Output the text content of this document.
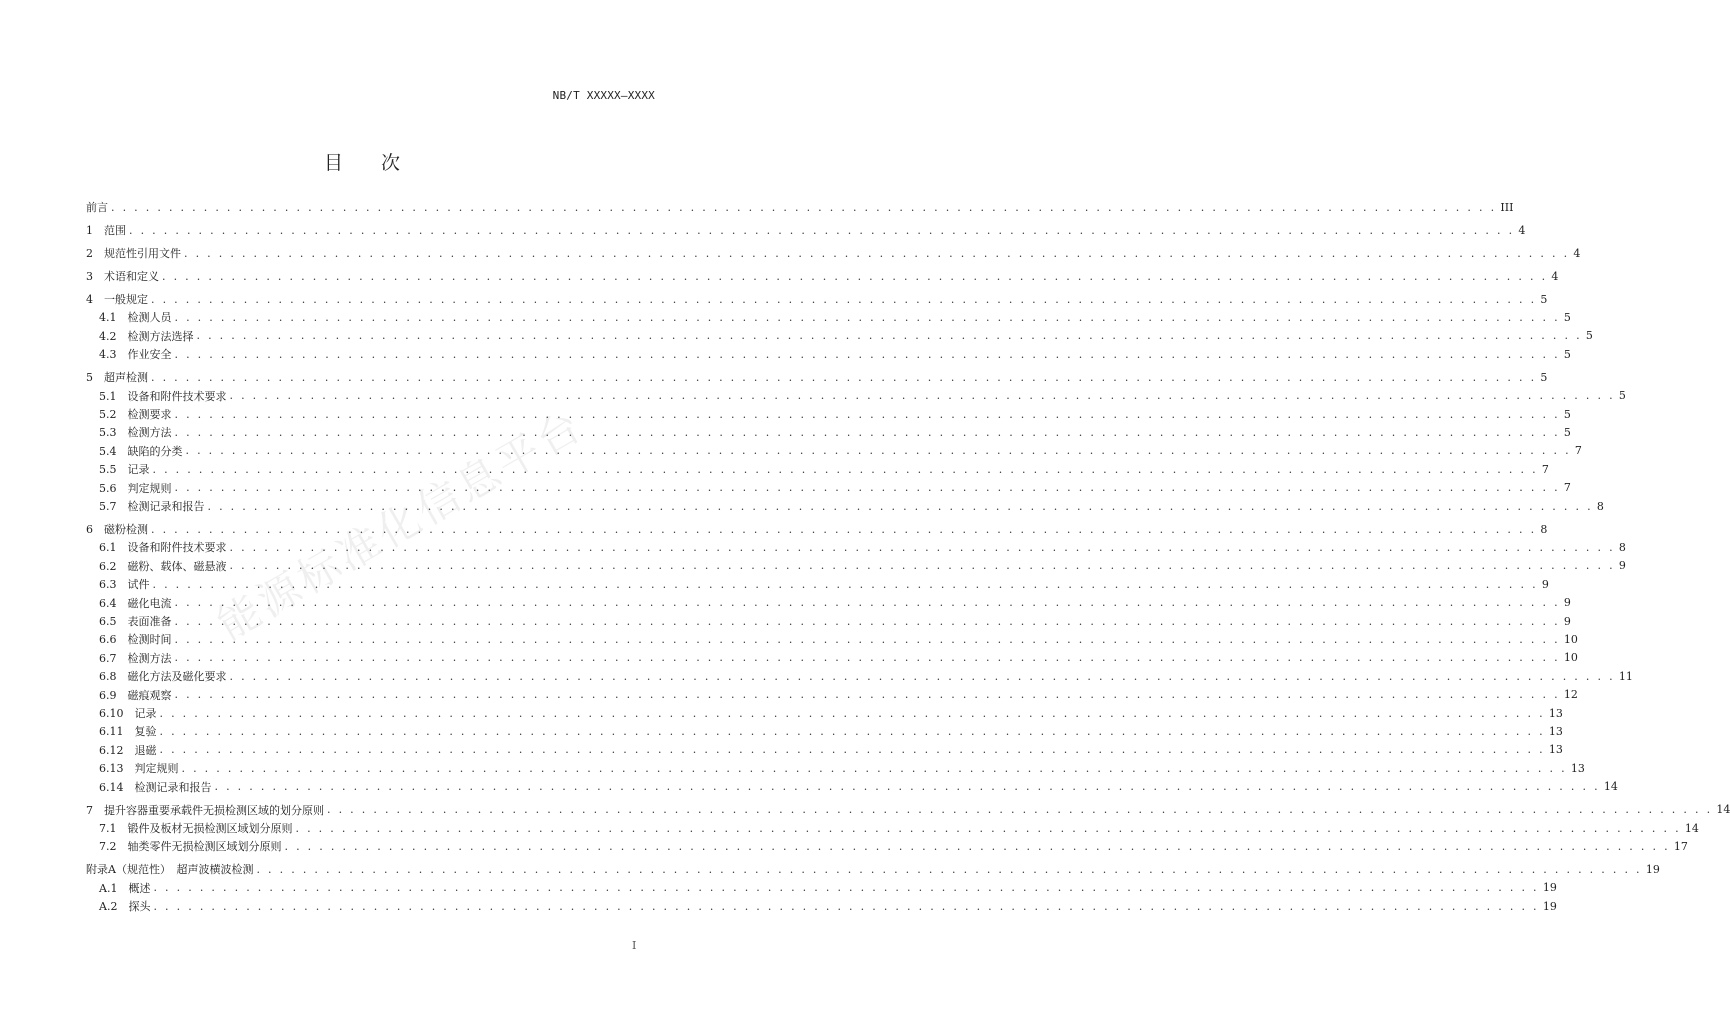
NB/T XXXXX—XXXX
目 次
前言 . . . . . . . . . . . . . . . . . . . . . . . . . . . . . . . . . . . . . . . . . . . . . . . . . . . . . . . . . . . . . . . . . . . . . . . . . . . . . . . . . . . . . . . . . . . . . . . . . . . . . . . . . . . . . . . . . . . . . . . . III
1　范围 . . . . . . . . . . . . . . . . . . . . . . . . . . . . . . . . . . . . . . . . . . . . . . . . . . . . . . . . . . . . . . . . . . . . . . . . . . . . . . . . . . . . . . . . . . . . . . . . . . . . . . . . . . . . . . . . . . . . . . . . 4
2　规范性引用文件 . . . . . . . . . . . . . . . . . . . . . . . . . . . . . . . . . . . . . . . . . . . . . . . . . . . . . . . . . . . . . . . . . . . . . . . . . . . . . . . . . . . . . . . . . . . . . . . . . . . . . . . . . . . . . . . . . . . . . . . . 4
3　术语和定义 . . . . . . . . . . . . . . . . . . . . . . . . . . . . . . . . . . . . . . . . . . . . . . . . . . . . . . . . . . . . . . . . . . . . . . . . . . . . . . . . . . . . . . . . . . . . . . . . . . . . . . . . . . . . . . . . . . . . . . . . 4
4　一般规定 . . . . . . . . . . . . . . . . . . . . . . . . . . . . . . . . . . . . . . . . . . . . . . . . . . . . . . . . . . . . . . . . . . . . . . . . . . . . . . . . . . . . . . . . . . . . . . . . . . . . . . . . . . . . . . . . . . . . . . . . 5
4.1　检测人员 . . . . . . . . . . . . . . . . . . . . . . . . . . . . . . . . . . . . . . . . . . . . . . . . . . . . . . . . . . . . . . . . . . . . . . . . . . . . . . . . . . . . . . . . . . . . . . . . . . . . . . . . . . . . . . . . . . . . . . . . 5
4.2　检测方法选择 . . . . . . . . . . . . . . . . . . . . . . . . . . . . . . . . . . . . . . . . . . . . . . . . . . . . . . . . . . . . . . . . . . . . . . . . . . . . . . . . . . . . . . . . . . . . . . . . . . . . . . . . . . . . . . . . . . . . . . . . 5
4.3　作业安全 . . . . . . . . . . . . . . . . . . . . . . . . . . . . . . . . . . . . . . . . . . . . . . . . . . . . . . . . . . . . . . . . . . . . . . . . . . . . . . . . . . . . . . . . . . . . . . . . . . . . . . . . . . . . . . . . . . . . . . . . 5
5　超声检测 . . . . . . . . . . . . . . . . . . . . . . . . . . . . . . . . . . . . . . . . . . . . . . . . . . . . . . . . . . . . . . . . . . . . . . . . . . . . . . . . . . . . . . . . . . . . . . . . . . . . . . . . . . . . . . . . . . . . . . . . 5
5.1　设备和附件技术要求 . . . . . . . . . . . . . . . . . . . . . . . . . . . . . . . . . . . . . . . . . . . . . . . . . . . . . . . . . . . . . . . . . . . . . . . . . . . . . . . . . . . . . . . . . . . . . . . . . . . . . . . . . . . . . . . . . . . . . . . . 5
5.2　检测要求 . . . . . . . . . . . . . . . . . . . . . . . . . . . . . . . . . . . . . . . . . . . . . . . . . . . . . . . . . . . . . . . . . . . . . . . . . . . . . . . . . . . . . . . . . . . . . . . . . . . . . . . . . . . . . . . . . . . . . . . . 5
5.3　检测方法 . . . . . . . . . . . . . . . . . . . . . . . . . . . . . . . . . . . . . . . . . . . . . . . . . . . . . . . . . . . . . . . . . . . . . . . . . . . . . . . . . . . . . . . . . . . . . . . . . . . . . . . . . . . . . . . . . . . . . . . . 5
5.4　缺陷的分类 . . . . . . . . . . . . . . . . . . . . . . . . . . . . . . . . . . . . . . . . . . . . . . . . . . . . . . . . . . . . . . . . . . . . . . . . . . . . . . . . . . . . . . . . . . . . . . . . . . . . . . . . . . . . . . . . . . . . . . . . 7
5.5　记录 . . . . . . . . . . . . . . . . . . . . . . . . . . . . . . . . . . . . . . . . . . . . . . . . . . . . . . . . . . . . . . . . . . . . . . . . . . . . . . . . . . . . . . . . . . . . . . . . . . . . . . . . . . . . . . . . . . . . . . . . 7
5.6　判定规则 . . . . . . . . . . . . . . . . . . . . . . . . . . . . . . . . . . . . . . . . . . . . . . . . . . . . . . . . . . . . . . . . . . . . . . . . . . . . . . . . . . . . . . . . . . . . . . . . . . . . . . . . . . . . . . . . . . . . . . . . 7
5.7　检测记录和报告 . . . . . . . . . . . . . . . . . . . . . . . . . . . . . . . . . . . . . . . . . . . . . . . . . . . . . . . . . . . . . . . . . . . . . . . . . . . . . . . . . . . . . . . . . . . . . . . . . . . . . . . . . . . . . . . . . . . . . . . . 8
6　磁粉检测 . . . . . . . . . . . . . . . . . . . . . . . . . . . . . . . . . . . . . . . . . . . . . . . . . . . . . . . . . . . . . . . . . . . . . . . . . . . . . . . . . . . . . . . . . . . . . . . . . . . . . . . . . . . . . . . . . . . . . . . . 8
6.1　设备和附件技术要求 . . . . . . . . . . . . . . . . . . . . . . . . . . . . . . . . . . . . . . . . . . . . . . . . . . . . . . . . . . . . . . . . . . . . . . . . . . . . . . . . . . . . . . . . . . . . . . . . . . . . . . . . . . . . . . . . . . . . . . . . 8
6.2　磁粉、载体、磁悬液 . . . . . . . . . . . . . . . . . . . . . . . . . . . . . . . . . . . . . . . . . . . . . . . . . . . . . . . . . . . . . . . . . . . . . . . . . . . . . . . . . . . . . . . . . . . . . . . . . . . . . . . . . . . . . . . . . . . . . . . . 9
6.3　试件 . . . . . . . . . . . . . . . . . . . . . . . . . . . . . . . . . . . . . . . . . . . . . . . . . . . . . . . . . . . . . . . . . . . . . . . . . . . . . . . . . . . . . . . . . . . . . . . . . . . . . . . . . . . . . . . . . . . . . . . . 9
6.4　磁化电流 . . . . . . . . . . . . . . . . . . . . . . . . . . . . . . . . . . . . . . . . . . . . . . . . . . . . . . . . . . . . . . . . . . . . . . . . . . . . . . . . . . . . . . . . . . . . . . . . . . . . . . . . . . . . . . . . . . . . . . . . 9
6.5　表面准备 . . . . . . . . . . . . . . . . . . . . . . . . . . . . . . . . . . . . . . . . . . . . . . . . . . . . . . . . . . . . . . . . . . . . . . . . . . . . . . . . . . . . . . . . . . . . . . . . . . . . . . . . . . . . . . . . . . . . . . . . 9
6.6　检测时间 . . . . . . . . . . . . . . . . . . . . . . . . . . . . . . . . . . . . . . . . . . . . . . . . . . . . . . . . . . . . . . . . . . . . . . . . . . . . . . . . . . . . . . . . . . . . . . . . . . . . . . . . . . . . . . . . . . . . . . . . 10
6.7　检测方法 . . . . . . . . . . . . . . . . . . . . . . . . . . . . . . . . . . . . . . . . . . . . . . . . . . . . . . . . . . . . . . . . . . . . . . . . . . . . . . . . . . . . . . . . . . . . . . . . . . . . . . . . . . . . . . . . . . . . . . . . 10
6.8　磁化方法及磁化要求 . . . . . . . . . . . . . . . . . . . . . . . . . . . . . . . . . . . . . . . . . . . . . . . . . . . . . . . . . . . . . . . . . . . . . . . . . . . . . . . . . . . . . . . . . . . . . . . . . . . . . . . . . . . . . . . . . . . . . . . . 11
6.9　磁痕观察 . . . . . . . . . . . . . . . . . . . . . . . . . . . . . . . . . . . . . . . . . . . . . . . . . . . . . . . . . . . . . . . . . . . . . . . . . . . . . . . . . . . . . . . . . . . . . . . . . . . . . . . . . . . . . . . . . . . . . . . . 12
6.10　记录 . . . . . . . . . . . . . . . . . . . . . . . . . . . . . . . . . . . . . . . . . . . . . . . . . . . . . . . . . . . . . . . . . . . . . . . . . . . . . . . . . . . . . . . . . . . . . . . . . . . . . . . . . . . . . . . . . . . . . . . . 13
6.11　复验 . . . . . . . . . . . . . . . . . . . . . . . . . . . . . . . . . . . . . . . . . . . . . . . . . . . . . . . . . . . . . . . . . . . . . . . . . . . . . . . . . . . . . . . . . . . . . . . . . . . . . . . . . . . . . . . . . . . . . . . . 13
6.12　退磁 . . . . . . . . . . . . . . . . . . . . . . . . . . . . . . . . . . . . . . . . . . . . . . . . . . . . . . . . . . . . . . . . . . . . . . . . . . . . . . . . . . . . . . . . . . . . . . . . . . . . . . . . . . . . . . . . . . . . . . . . 13
6.13　判定规则 . . . . . . . . . . . . . . . . . . . . . . . . . . . . . . . . . . . . . . . . . . . . . . . . . . . . . . . . . . . . . . . . . . . . . . . . . . . . . . . . . . . . . . . . . . . . . . . . . . . . . . . . . . . . . . . . . . . . . . . . 13
6.14　检测记录和报告 . . . . . . . . . . . . . . . . . . . . . . . . . . . . . . . . . . . . . . . . . . . . . . . . . . . . . . . . . . . . . . . . . . . . . . . . . . . . . . . . . . . . . . . . . . . . . . . . . . . . . . . . . . . . . . . . . . . . . . . . 14
7　提升容器重要承载件无损检测区域的划分原则 . . . . . . . . . . . . . . . . . . . . . . . . . . . . . . . . . . . . . . . . . . . . . . . . . . . . . . . . . . . . . . . . . . . . . . . . . . . . . . . . . . . . . . . . . . . . . . . . . . . . . . . . . . . . . . . . . . . . . . . . 14
7.1　锻件及板材无损检测区域划分原则 . . . . . . . . . . . . . . . . . . . . . . . . . . . . . . . . . . . . . . . . . . . . . . . . . . . . . . . . . . . . . . . . . . . . . . . . . . . . . . . . . . . . . . . . . . . . . . . . . . . . . . . . . . . . . . . . . . . . . . . . 14
7.2　轴类零件无损检测区域划分原则 . . . . . . . . . . . . . . . . . . . . . . . . . . . . . . . . . . . . . . . . . . . . . . . . . . . . . . . . . . . . . . . . . . . . . . . . . . . . . . . . . . . . . . . . . . . . . . . . . . . . . . . . . . . . . . . . . . . . . . . . 17
附录A（规范性）　超声波横波检测 . . . . . . . . . . . . . . . . . . . . . . . . . . . . . . . . . . . . . . . . . . . . . . . . . . . . . . . . . . . . . . . . . . . . . . . . . . . . . . . . . . . . . . . . . . . . . . . . . . . . . . . . . . . . . . . . . . . . . . . . 19
A.1　概述 . . . . . . . . . . . . . . . . . . . . . . . . . . . . . . . . . . . . . . . . . . . . . . . . . . . . . . . . . . . . . . . . . . . . . . . . . . . . . . . . . . . . . . . . . . . . . . . . . . . . . . . . . . . . . . . . . . . . . . . . 19
A.2　探头 . . . . . . . . . . . . . . . . . . . . . . . . . . . . . . . . . . . . . . . . . . . . . . . . . . . . . . . . . . . . . . . . . . . . . . . . . . . . . . . . . . . . . . . . . . . . . . . . . . . . . . . . . . . . . . . . . . . . . . . . 19
能源标准化信息平台
I
